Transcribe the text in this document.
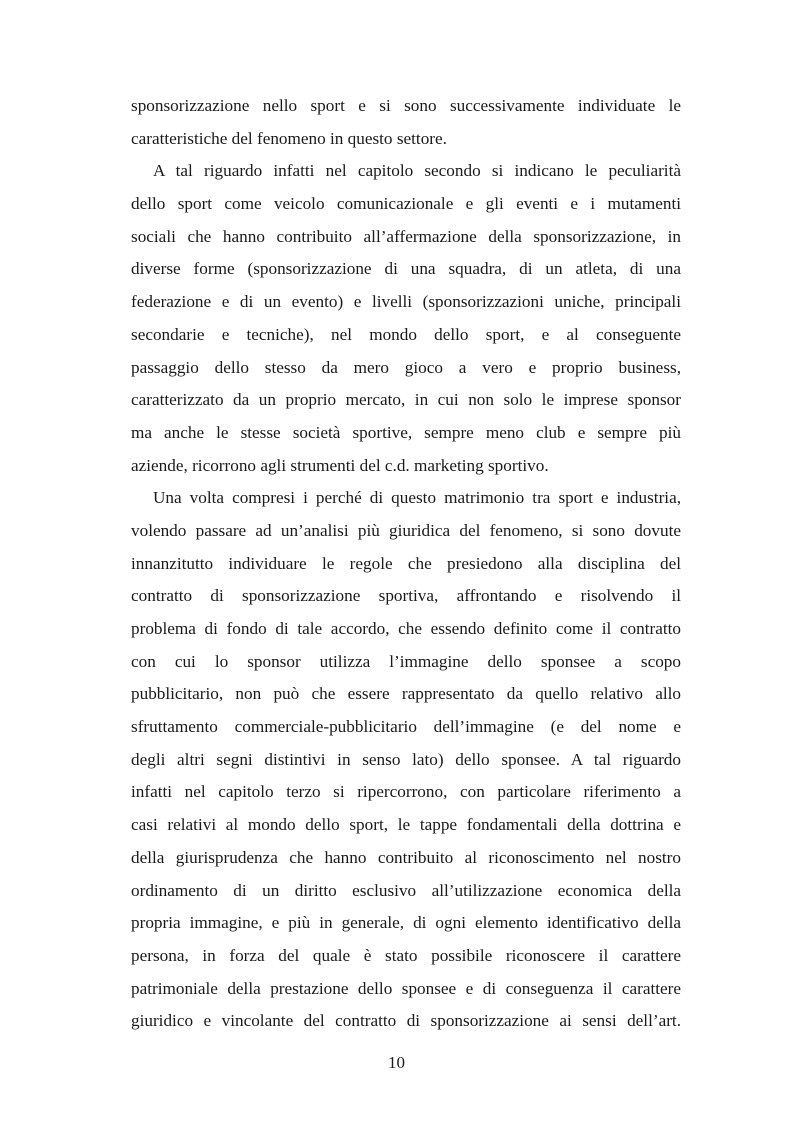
sponsorizzazione nello sport e si sono successivamente individuate le
caratteristiche del fenomeno in questo settore.
A tal riguardo infatti nel capitolo secondo si indicano le peculiarità
dello sport come veicolo comunicazionale e gli eventi e i mutamenti
sociali che hanno contribuito all’affermazione della sponsorizzazione, in
diverse forme (sponsorizzazione di una squadra, di un atleta, di una
federazione e di un evento) e livelli (sponsorizzazioni uniche, principali
secondarie e tecniche), nel mondo dello sport, e al conseguente
passaggio dello stesso da mero gioco a vero e proprio business,
caratterizzato da un proprio mercato, in cui non solo le imprese sponsor
ma anche le stesse società sportive, sempre meno club e sempre più
aziende, ricorrono agli strumenti del c.d. marketing sportivo.
Una volta compresi i perché di questo matrimonio tra sport e industria,
volendo passare ad un’analisi più giuridica del fenomeno, si sono dovute
innanzitutto individuare le regole che presiedono alla disciplina del
contratto di sponsorizzazione sportiva, affrontando e risolvendo il
problema di fondo di tale accordo, che essendo definito come il contratto
con cui lo sponsor utilizza l’immagine dello sponsee a scopo
pubblicitario, non può che essere rappresentato da quello relativo allo
sfruttamento commerciale-pubblicitario dell’immagine (e del nome e
degli altri segni distintivi in senso lato) dello sponsee. A tal riguardo
infatti nel capitolo terzo si ripercorrono, con particolare riferimento a
casi relativi al mondo dello sport, le tappe fondamentali della dottrina e
della giurisprudenza che hanno contribuito al riconoscimento nel nostro
ordinamento di un diritto esclusivo all’utilizzazione economica della
propria immagine, e più in generale, di ogni elemento identificativo della
persona, in forza del quale è stato possibile riconoscere il carattere
patrimoniale della prestazione dello sponsee e di conseguenza il carattere
giuridico e vincolante del contratto di sponsorizzazione ai sensi dell’art.
10
